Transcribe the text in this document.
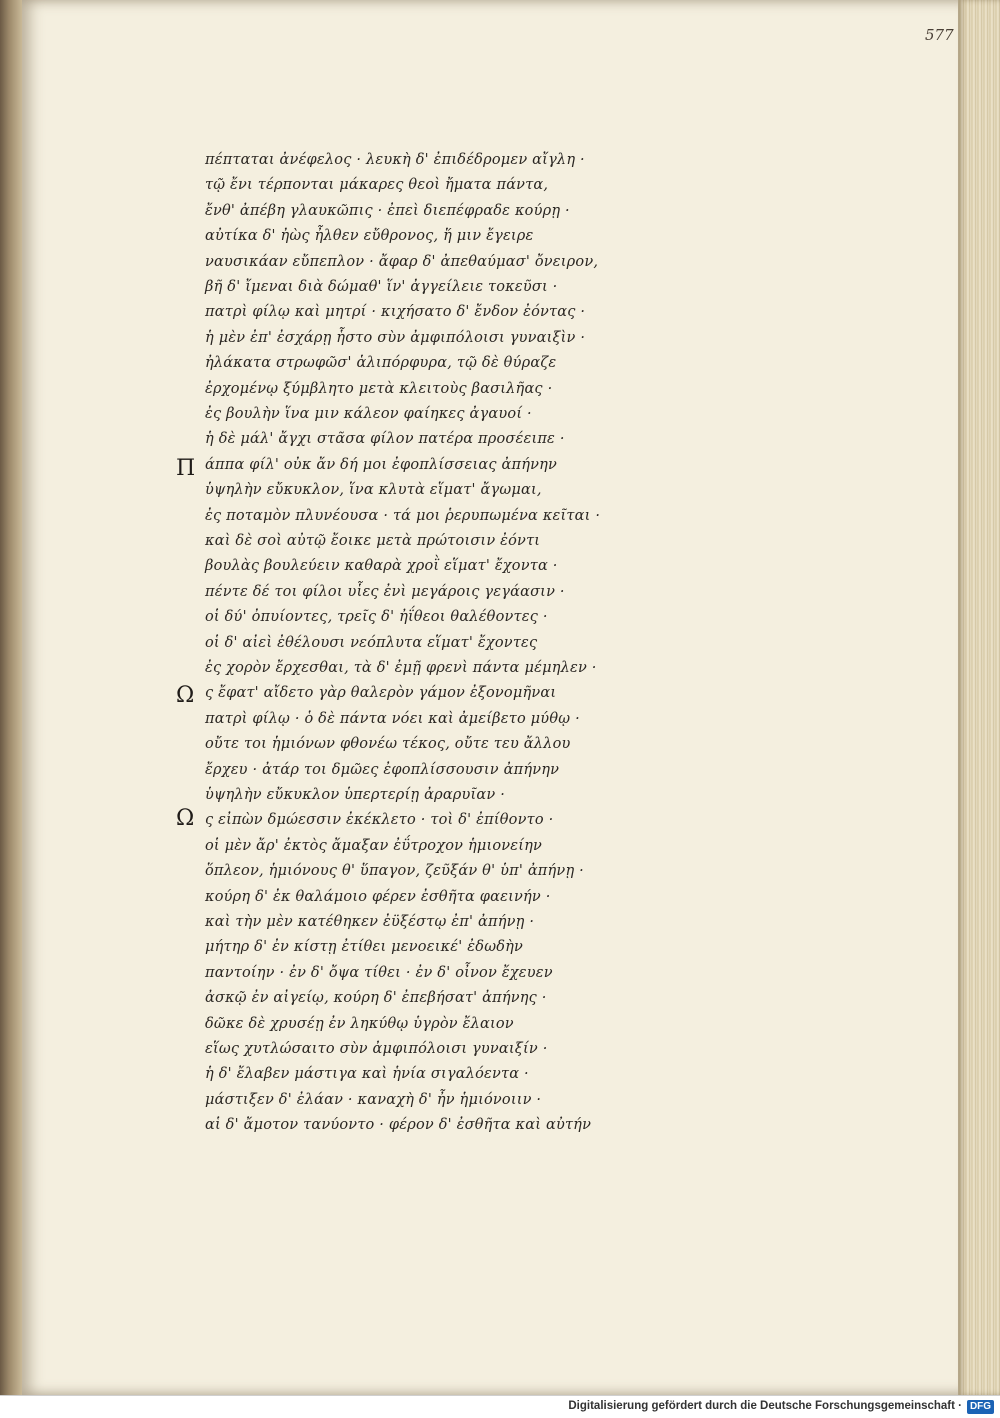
577
Π
Ω
Ω
πέπταται ἀνέφελος · λευκὴ δ' ἐπιδέδρομεν αἴγλη ·
τῷ ἔνι τέρπονται μάκαρες θεοὶ ἤματα πάντα,
ἔνθ' ἀπέβη γλαυκῶπις · ἐπεὶ διεπέφραδε κούρῃ ·
αὐτίκα δ' ἠὼς ἦλθεν εὔθρονος, ἥ μιν ἔγειρε
ναυσικάαν εὔπεπλον · ἄφαρ δ' ἀπεθαύμασ' ὄνειρον,
βῆ δ' ἴμεναι διὰ δώμαθ' ἵν' ἀγγείλειε τοκεῦσι ·
πατρὶ φίλῳ καὶ μητρί · κιχήσατο δ' ἔνδον ἐόντας ·
ἡ μὲν ἐπ' ἐσχάρῃ ἧστο σὺν ἀμφιπόλοισι γυναιξὶν ·
ἠλάκατα στρωφῶσ' ἁλιπόρφυρα, τῷ δὲ θύραζε
ἐρχομένῳ ξύμβλητο μετὰ κλειτοὺς βασιλῆας ·
ἐς βουλὴν ἵνα μιν κάλεον φαίηκες ἀγαυοί ·
ἡ δὲ μάλ' ἄγχι στᾶσα φίλον πατέρα προσέειπε ·
άππα φίλ' οὐκ ἄν δή μοι ἐφοπλίσσειας ἀπήνην
ὑψηλὴν εὔκυκλον, ἵνα κλυτὰ εἵματ' ἄγωμαι,
ἐς ποταμὸν πλυνέουσα · τά μοι ῥερυπωμένα κεῖται ·
καὶ δὲ σοὶ αὐτῷ ἔοικε μετὰ πρώτοισιν ἐόντι
βουλὰς βουλεύειν καθαρὰ χροῒ εἵματ' ἔχοντα ·
πέντε δέ τοι φίλοι υἷες ἐνὶ μεγάροις γεγάασιν ·
οἱ δύ' ὀπυίοντες, τρεῖς δ' ἠΐθεοι θαλέθοντες ·
οἱ δ' αἰεὶ ἐθέλουσι νεόπλυτα εἵματ' ἔχοντες
ἐς χορὸν ἔρχεσθαι, τὰ δ' ἐμῇ φρενὶ πάντα μέμηλεν ·
ς ἔφατ' αἴδετο γὰρ θαλερὸν γάμον ἐξονομῆναι
πατρὶ φίλῳ · ὁ δὲ πάντα νόει καὶ ἀμείβετο μύθῳ ·
οὔτε τοι ἡμιόνων φθονέω τέκος, οὔτε τευ ἄλλου
ἔρχευ · ἀτάρ τοι δμῶες ἐφοπλίσσουσιν ἀπήνην
ὑψηλὴν εὔκυκλον ὑπερτερίῃ ἀραρυῖαν ·
ς εἰπὼν δμώεσσιν ἐκέκλετο · τοὶ δ' ἐπίθοντο ·
οἱ μὲν ἄρ' ἐκτὸς ἄμαξαν ἐΰτροχον ἡμιονείην
ὅπλεον, ἡμιόνους θ' ὕπαγον, ζεῦξάν θ' ὑπ' ἀπήνῃ ·
κούρη δ' ἐκ θαλάμοιο φέρεν ἐσθῆτα φαεινήν ·
καὶ τὴν μὲν κατέθηκεν ἐϋξέστῳ ἐπ' ἀπήνῃ ·
μήτηρ δ' ἐν κίστῃ ἐτίθει μενοεικέ' ἐδωδὴν
παντοίην · ἐν δ' ὄψα τίθει · ἐν δ' οἶνον ἔχευεν
ἀσκῷ ἐν αἰγείῳ, κούρη δ' ἐπεβήσατ' ἀπήνης ·
δῶκε δὲ χρυσέῃ ἐν ληκύθῳ ὑγρὸν ἔλαιον
εἵως χυτλώσαιτο σὺν ἀμφιπόλοισι γυναιξίν ·
ἡ δ' ἔλαβεν μάστιγα καὶ ἡνία σιγαλόεντα ·
μάστιξεν δ' ἐλάαν · καναχὴ δ' ἦν ἡμιόνοιιν ·
αἱ δ' ἄμοτον τανύοντο · φέρον δ' ἐσθῆτα καὶ αὐτήν
Digitalisierung gefördert durch die Deutsche Forschungsgemeinschaft · DFG
